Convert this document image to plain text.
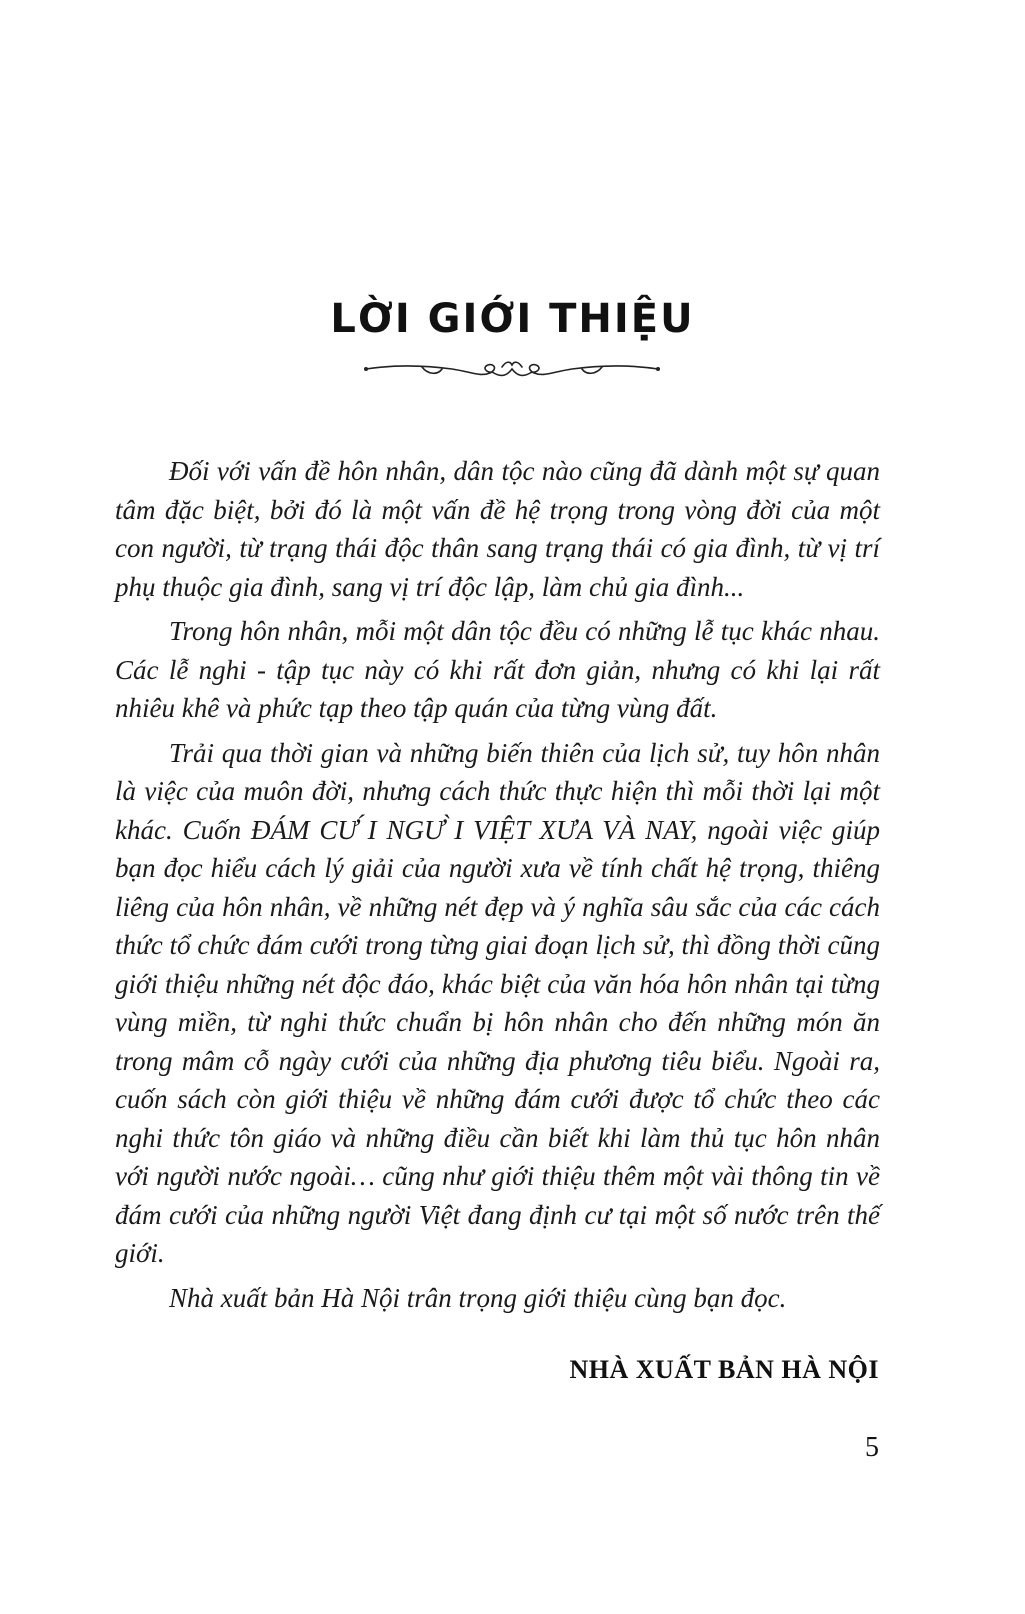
LỜI GIỚI THIỆU

Đối với vấn đề hôn nhân, dân tộc nào cũng đã dành một sự quan tâm đặc biệt, bởi đó là một vấn đề hệ trọng trong vòng đời của một con người, từ trạng thái độc thân sang trạng thái có gia đình, từ vị trí phụ thuộc gia đình, sang vị trí độc lập, làm chủ gia đình...

Trong hôn nhân, mỗi một dân tộc đều có những lễ tục khác nhau. Các lễ nghi - tập tục này có khi rất đơn giản, nhưng có khi lại rất nhiêu khê và phức tạp theo tập quán của từng vùng đất.

Trải qua thời gian và những biến thiên của lịch sử, tuy hôn nhân là việc của muôn đời, nhưng cách thức thực hiện thì mỗi thời lại một khác. Cuốn ĐÁM CƯ ́I NGƯ ̀I VIỆT XƯA VÀ NAY, ngoài việc giúp bạn đọc hiểu cách lý giải của người xưa về tính chất hệ trọng, thiêng liêng của hôn nhân, về những nét đẹp và ý nghĩa sâu sắc của các cách thức tổ chức đám cưới trong từng giai đoạn lịch sử, thì đồng thời cũng giới thiệu những nét độc đáo, khác biệt của văn hóa hôn nhân tại từng vùng miền, từ nghi thức chuẩn bị hôn nhân cho đến những món ăn trong mâm cỗ ngày cưới của những địa phương tiêu biểu. Ngoài ra, cuốn sách còn giới thiệu về những đám cưới được tổ chức theo các nghi thức tôn giáo và những điều cần biết khi làm thủ tục hôn nhân với người nước ngoài… cũng như giới thiệu thêm một vài thông tin về đám cưới của những người Việt đang định cư tại một số nước trên thế giới.

Nhà xuất bản Hà Nội trân trọng giới thiệu cùng bạn đọc.

NHÀ XUẤT BẢN HÀ NỘI
5
